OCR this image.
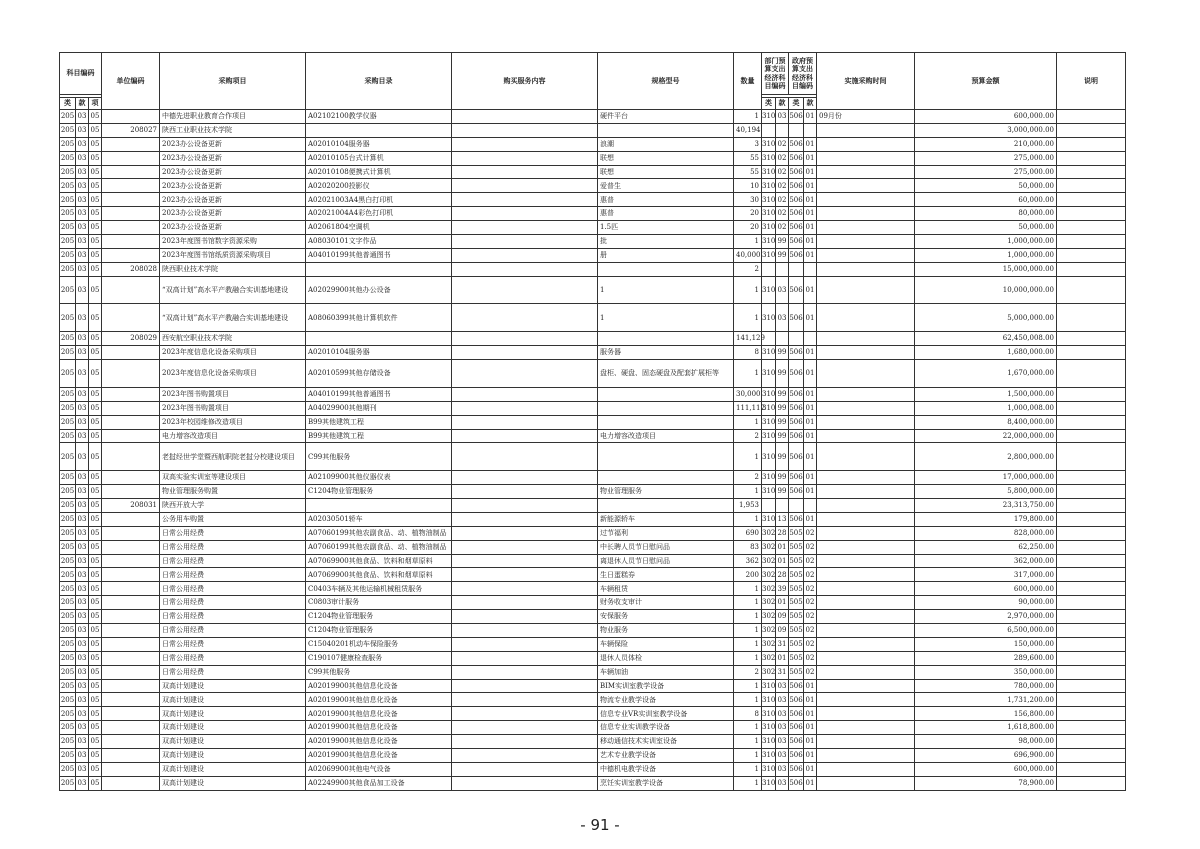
科目编码			单位编码	采购项目	采购目录	购买服务内容	规格型号	数量	部门预算支出经济科目编码		政府预算支出经济科目编码		实施采购时间	预算金额	说明

类	款	项							类	款	类	款			
205	03	05		中德先进职业教育合作项目	A02102100教学仪器		硬件平台	1	310	03	506	01	09月份	600,000.00	
205	03	05	208027	陕西工业职业技术学院				40,194						3,000,000.00	
205	03	05		2023办公设备更新	A02010104服务器		浪潮	3	310	02	506	01		210,000.00	
205	03	05		2023办公设备更新	A02010105台式计算机		联想	55	310	02	506	01		275,000.00	
205	03	05		2023办公设备更新	A02010108便携式计算机		联想	55	310	02	506	01		275,000.00	
205	03	05		2023办公设备更新	A02020200投影仪		爱普生	10	310	02	506	01		50,000.00	
205	03	05		2023办公设备更新	A02021003A4黑白打印机		惠普	30	310	02	506	01		60,000.00	
205	03	05		2023办公设备更新	A02021004A4彩色打印机		惠普	20	310	02	506	01		80,000.00	
205	03	05		2023办公设备更新	A02061804空调机		1.5匹	20	310	02	506	01		50,000.00	
205	03	05		2023年度图书馆数字资源采购	A08030101文字作品		批	1	310	99	506	01		1,000,000.00	
205	03	05		2023年度图书馆纸质资源采购项目	A04010199其他普通图书		册	40,000	310	99	506	01		1,000,000.00	
205	03	05	208028	陕西职业技术学院				2						15,000,000.00	
205	03	05		“双高计划”高水平产教融合实训基地建设	A02029900其他办公设备		1	1	310	03	506	01		10,000,000.00	
205	03	05		“双高计划”高水平产教融合实训基地建设	A08060399其他计算机软件		1	1	310	03	506	01		5,000,000.00	
205	03	05	208029	西安航空职业技术学院				141,129						62,450,008.00	
205	03	05		2023年度信息化设备采购项目	A02010104服务器		服务器	8	310	99	506	01		1,680,000.00	
205	03	05		2023年度信息化设备采购项目	A02010599其他存储设备		盘柜、硬盘、固态硬盘及配套扩展柜等	1	310	99	506	01		1,670,000.00	
205	03	05		2023年图书购置项目	A04010199其他普通图书			30,000	310	99	506	01		1,500,000.00	
205	03	05		2023年图书购置项目	A04029900其他期刊			111,112	310	99	506	01		1,000,008.00	
205	03	05		2023年校园维修改造项目	B99其他建筑工程			1	310	99	506	01		8,400,000.00	
205	03	05		电力增容改造项目	B99其他建筑工程		电力增容改造项目	2	310	99	506	01		22,000,000.00	
205	03	05		老挝经世学堂暨西航职院老挝分校建设项目	C99其他服务			1	310	99	506	01		2,800,000.00	
205	03	05		双高实验实训室等建设项目	A02109900其他仪器仪表			2	310	99	506	01		17,000,000.00	
205	03	05		物业管理服务购置	C1204物业管理服务		物业管理服务	1	310	99	506	01		5,800,000.00	
205	03	05	208031	陕西开放大学				1,953						23,313,750.00	
205	03	05		公务用车购置	A02030501轿车		新能源轿车	1	310	13	506	01		179,800.00	
205	03	05		日常公用经费	A07060199其他农副食品、动、植物油制品		过节福利	690	302	28	505	02		828,000.00	
205	03	05		日常公用经费	A07060199其他农副食品、动、植物油制品		中长聘人员节日慰问品	83	302	01	505	02		62,250.00	
205	03	05		日常公用经费	A07069900其他食品、饮料和烟草原料		离退休人员节日慰问品	362	302	01	505	02		362,000.00	
205	03	05		日常公用经费	A07069900其他食品、饮料和烟草原料		生日蛋糕券	200	302	28	505	02		317,000.00	
205	03	05		日常公用经费	C0403车辆及其他运输机械租赁服务		车辆租赁	1	302	39	505	02		600,000.00	
205	03	05		日常公用经费	C0803审计服务		财务收支审计	1	302	01	505	02		90,000.00	
205	03	05		日常公用经费	C1204物业管理服务		安保服务	1	302	09	505	02		2,970,000.00	
205	03	05		日常公用经费	C1204物业管理服务		物业服务	1	302	09	505	02		6,500,000.00	
205	03	05		日常公用经费	C15040201机动车保险服务		车辆保险	1	302	31	505	02		150,000.00	
205	03	05		日常公用经费	C190107健康检查服务		退休人员体检	1	302	01	505	02		289,600.00	
205	03	05		日常公用经费	C99其他服务		车辆加油	2	302	31	505	02		350,000.00	
205	03	05		双高计划建设	A02019900其他信息化设备		BIM实训室教学设备	1	310	03	506	01		780,000.00	
205	03	05		双高计划建设	A02019900其他信息化设备		物流专业教学设备	1	310	03	506	01		1,731,200.00	
205	03	05		双高计划建设	A02019900其他信息化设备		信息专业VR实训室教学设备	8	310	03	506	01		156,800.00	
205	03	05		双高计划建设	A02019900其他信息化设备		信息专业实训教学设备	1	310	03	506	01		1,618,800.00	
205	03	05		双高计划建设	A02019900其他信息化设备		移动通信技术实训室设备	1	310	03	506	01		98,000.00	
205	03	05		双高计划建设	A02019900其他信息化设备		艺术专业教学设备	1	310	03	506	01		696,900.00	
205	03	05		双高计划建设	A02069900其他电气设备		中德机电教学设备	1	310	03	506	01		600,000.00	
205	03	05		双高计划建设	A02249900其他食品加工设备		烹饪实训室教学设备	1	310	03	506	01		78,900.00	
- 91 -
